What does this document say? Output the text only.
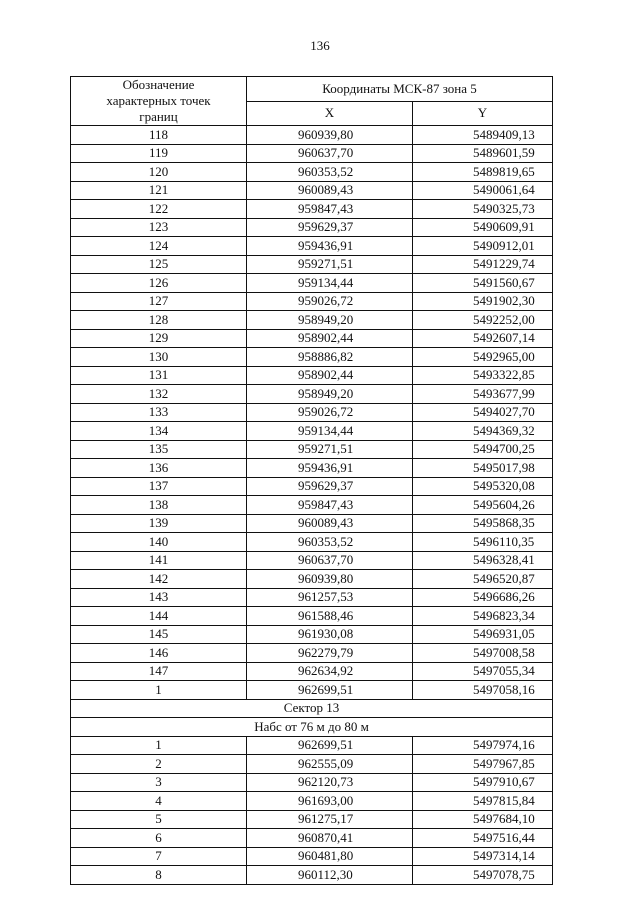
136
Обозначение
характерных точек
границ	Координаты МСК-87 зона 5	
	X	Y
118	960939,80	5489409,13
119	960637,70	5489601,59
120	960353,52	5489819,65
121	960089,43	5490061,64
122	959847,43	5490325,73
123	959629,37	5490609,91
124	959436,91	5490912,01
125	959271,51	5491229,74
126	959134,44	5491560,67
127	959026,72	5491902,30
128	958949,20	5492252,00
129	958902,44	5492607,14
130	958886,82	5492965,00
131	958902,44	5493322,85
132	958949,20	5493677,99
133	959026,72	5494027,70
134	959134,44	5494369,32
135	959271,51	5494700,25
136	959436,91	5495017,98
137	959629,37	5495320,08
138	959847,43	5495604,26
139	960089,43	5495868,35
140	960353,52	5496110,35
141	960637,70	5496328,41
142	960939,80	5496520,87
143	961257,53	5496686,26
144	961588,46	5496823,34
145	961930,08	5496931,05
146	962279,79	5497008,58
147	962634,92	5497055,34
1	962699,51	5497058,16
Сектор 13		
Набс от 76 м до 80 м		
1	962699,51	5497974,16
2	962555,09	5497967,85
3	962120,73	5497910,67
4	961693,00	5497815,84
5	961275,17	5497684,10
6	960870,41	5497516,44
7	960481,80	5497314,14
8	960112,30	5497078,75
